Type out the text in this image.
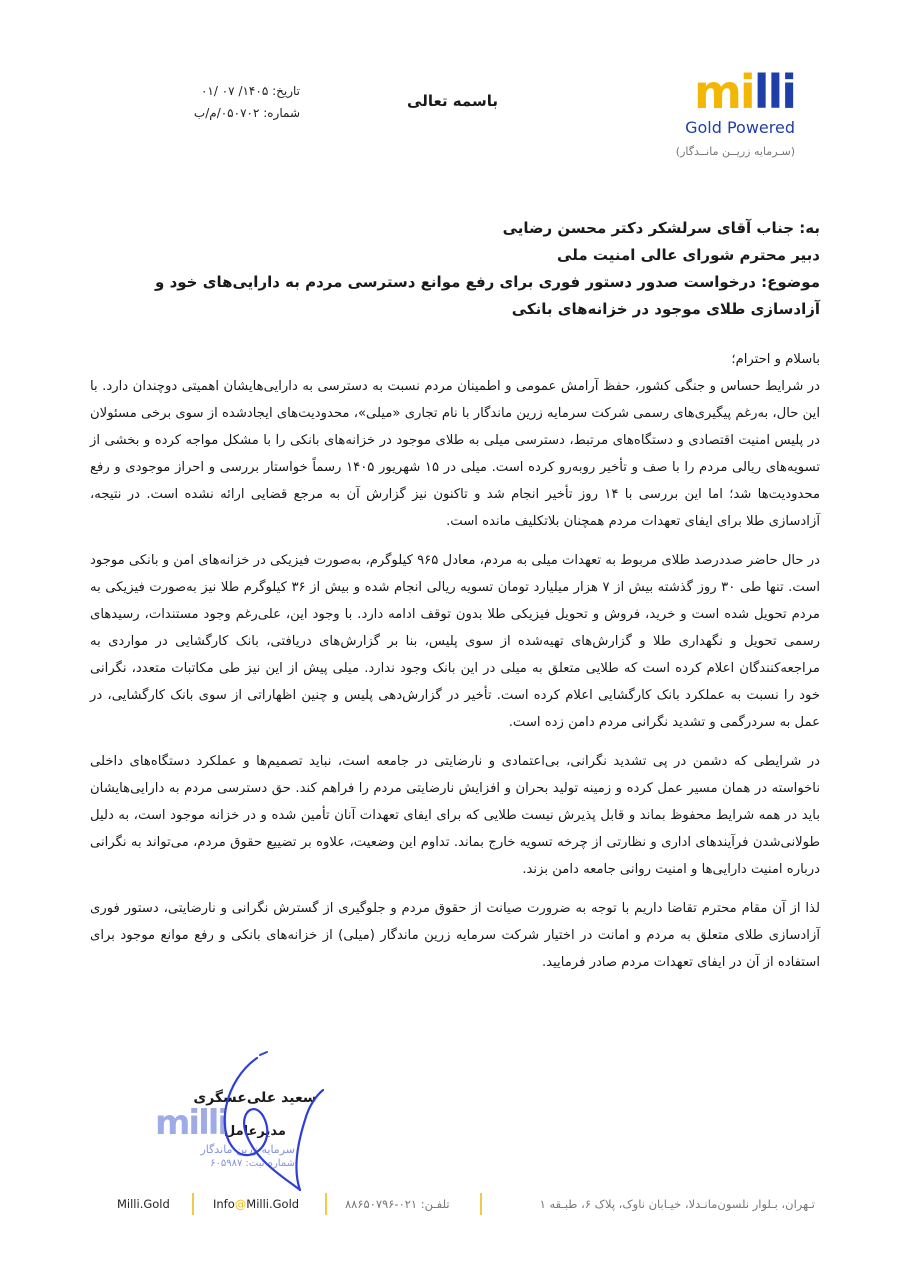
milli
Gold Powered
(سـرمایه زریــن مانــدگار)
باسمه تعالی
تاریخ: ۱۴۰۵/ ۰۷ /۰۱
شماره: ۰۵۰۷۰۲/م/ب

به: جناب آقای سرلشکر دکتر محسن رضایی

دبیر محترم شورای عالی امنیت ملی

موضوع: درخواست صدور دستور فوری برای رفع موانع دسترسی مردم به دارایی‌های خود و آزادسازی طلای موجود در خزانه‌های بانکی

باسلام و احترام؛

در شرایط حساس و جنگی کشور، حفظ آرامش عمومی و اطمینان مردم نسبت به دسترسی به دارایی‌هایشان اهمیتی دوچندان دارد. با این حال، به‌رغم پیگیری‌های رسمی شرکت سرمایه زرین ماندگار با نام تجاری «میلی»، محدودیت‌های ایجادشده از سوی برخی مسئولان در پلیس امنیت اقتصادی و دستگاه‌های مرتبط، دسترسی میلی به طلای موجود در خزانه‌های بانکی را با مشکل مواجه کرده و بخشی از تسویه‌های ریالی مردم را با صف و تأخیر روبه‌رو کرده است. میلی در ۱۵ شهریور ۱۴۰۵ رسماً خواستار بررسی و احراز موجودی و رفع محدودیت‌ها شد؛ اما این بررسی با ۱۴ روز تأخیر انجام شد و تاکنون نیز گزارش آن به مرجع قضایی ارائه نشده است. در نتیجه، آزادسازی طلا برای ایفای تعهدات مردم همچنان بلاتکلیف مانده است.

در حال حاضر صددرصد طلای مربوط به تعهدات میلی به مردم، معادل ۹۶۵ کیلوگرم، به‌صورت فیزیکی در خزانه‌های امن و بانکی موجود است. تنها طی ۳۰ روز گذشته بیش از ۷ هزار میلیارد تومان تسویه ریالی انجام شده و بیش از ۳۶ کیلوگرم طلا نیز به‌صورت فیزیکی به مردم تحویل شده است و خرید، فروش و تحویل فیزیکی طلا بدون توقف ادامه دارد. با وجود این، علی‌رغم وجود مستندات، رسیدهای رسمی تحویل و نگهداری طلا و گزارش‌های تهیه‌شده از سوی پلیس، بنا بر گزارش‌های دریافتی، بانک کارگشایی در مواردی به مراجعه‌کنندگان اعلام کرده است که طلایی متعلق به میلی در این بانک وجود ندارد. میلی پیش از این نیز طی مکاتبات متعدد، نگرانی خود را نسبت به عملکرد بانک کارگشایی اعلام کرده است. تأخیر در گزارش‌دهی پلیس و چنین اظهاراتی از سوی بانک کارگشایی، در عمل به سردرگمی و تشدید نگرانی مردم دامن زده است.

در شرایطی که دشمن در پی تشدید نگرانی، بی‌اعتمادی و نارضایتی در جامعه است، نباید تصمیم‌ها و عملکرد دستگاه‌های داخلی ناخواسته در همان مسیر عمل کرده و زمینه تولید بحران و افزایش نارضایتی مردم را فراهم کند. حق دسترسی مردم به دارایی‌هایشان باید در همه شرایط محفوظ بماند و قابل پذیرش نیست طلایی که برای ایفای تعهدات آنان تأمین شده و در خزانه موجود است، به دلیل طولانی‌شدن فرآیندهای اداری و نظارتی از چرخه تسویه خارج بماند. تداوم این وضعیت، علاوه بر تضییع حقوق مردم، می‌تواند به نگرانی درباره امنیت دارایی‌ها و امنیت روانی جامعه دامن بزند.

لذا از آن مقام محترم تقاضا داریم با توجه به ضرورت صیانت از حقوق مردم و جلوگیری از گسترش نگرانی و نارضایتی، دستور فوری آزادسازی طلای متعلق به مردم و امانت در اختیار شرکت سرمایه زرین ماندگار (میلی) از خزانه‌های بانکی و رفع موانع موجود برای استفاده از آن در ایفای تعهدات مردم صادر فرمایید.

milli
سرمایه زرین ماندگار
شماره ثبت: ۶۰۵۹۸۷
سعید علی‌عسگری
مدیرعامل
تـهران، بـلوار نلسون‌مانـدلا، خیـابان ناوک، پلاک ۶، طبـقه ۱
تلفـن: ۰۲۱-۸۸۶۵۰۷۹۶
Info@Milli.Gold
Milli.Gold
